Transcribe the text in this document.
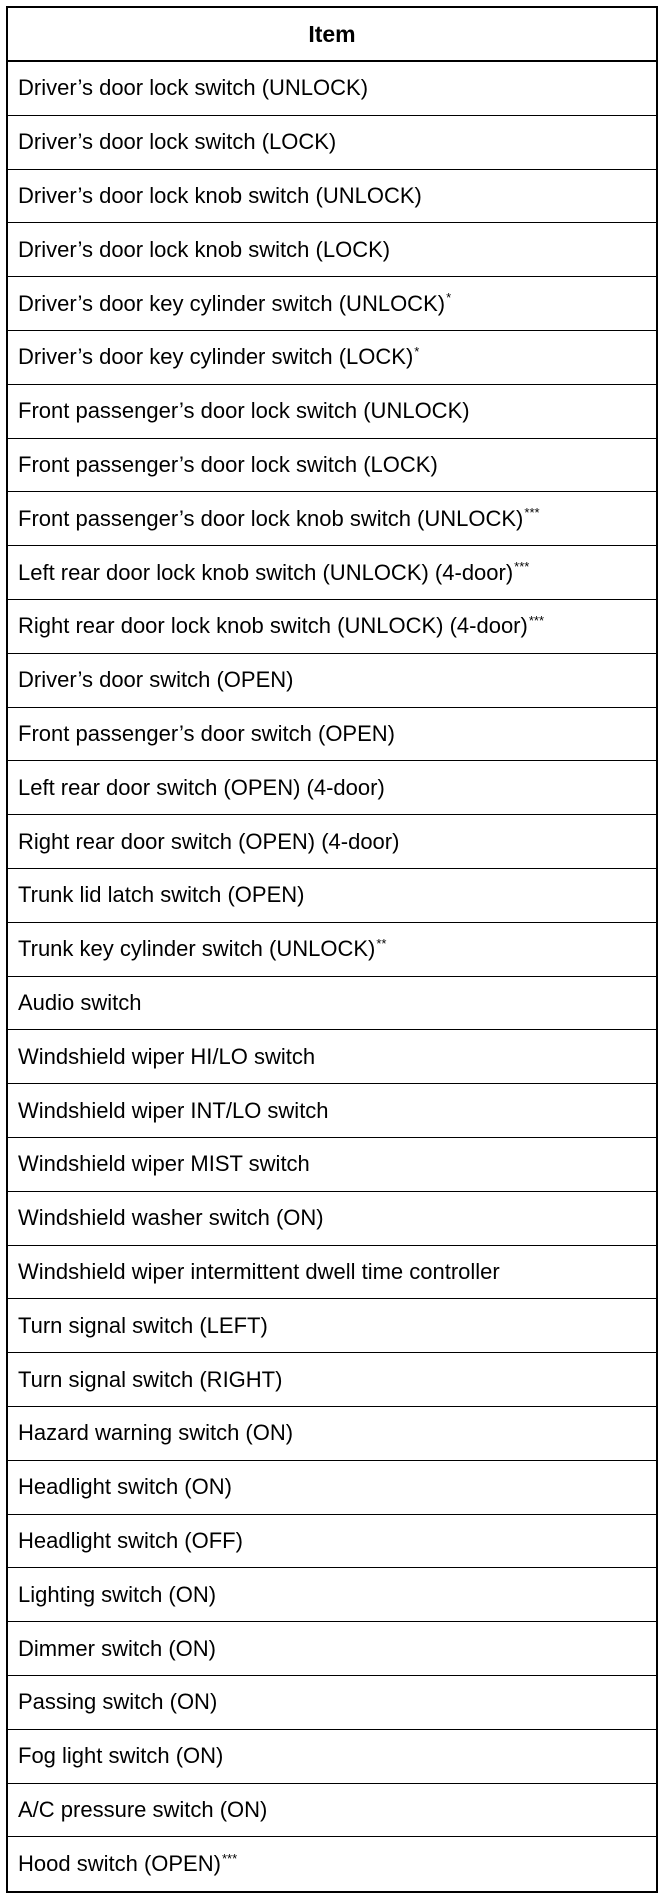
Item
Driver’s door lock switch (UNLOCK)
Driver’s door lock switch (LOCK)
Driver’s door lock knob switch (UNLOCK)
Driver’s door lock knob switch (LOCK)
Driver’s door key cylinder switch (UNLOCK)*
Driver’s door key cylinder switch (LOCK)*
Front passenger’s door lock switch (UNLOCK)
Front passenger’s door lock switch (LOCK)
Front passenger’s door lock knob switch (UNLOCK)***
Left rear door lock knob switch (UNLOCK) (4-door)***
Right rear door lock knob switch (UNLOCK) (4-door)***
Driver’s door switch (OPEN)
Front passenger’s door switch (OPEN)
Left rear door switch (OPEN) (4-door)
Right rear door switch (OPEN) (4-door)
Trunk lid latch switch (OPEN)
Trunk key cylinder switch (UNLOCK)**
Audio switch
Windshield wiper HI/LO switch
Windshield wiper INT/LO switch
Windshield wiper MIST switch
Windshield washer switch (ON)
Windshield wiper intermittent dwell time controller
Turn signal switch (LEFT)
Turn signal switch (RIGHT)
Hazard warning switch (ON)
Headlight switch (ON)
Headlight switch (OFF)
Lighting switch (ON)
Dimmer switch (ON)
Passing switch (ON)
Fog light switch (ON)
A/C pressure switch (ON)
Hood switch (OPEN)***
